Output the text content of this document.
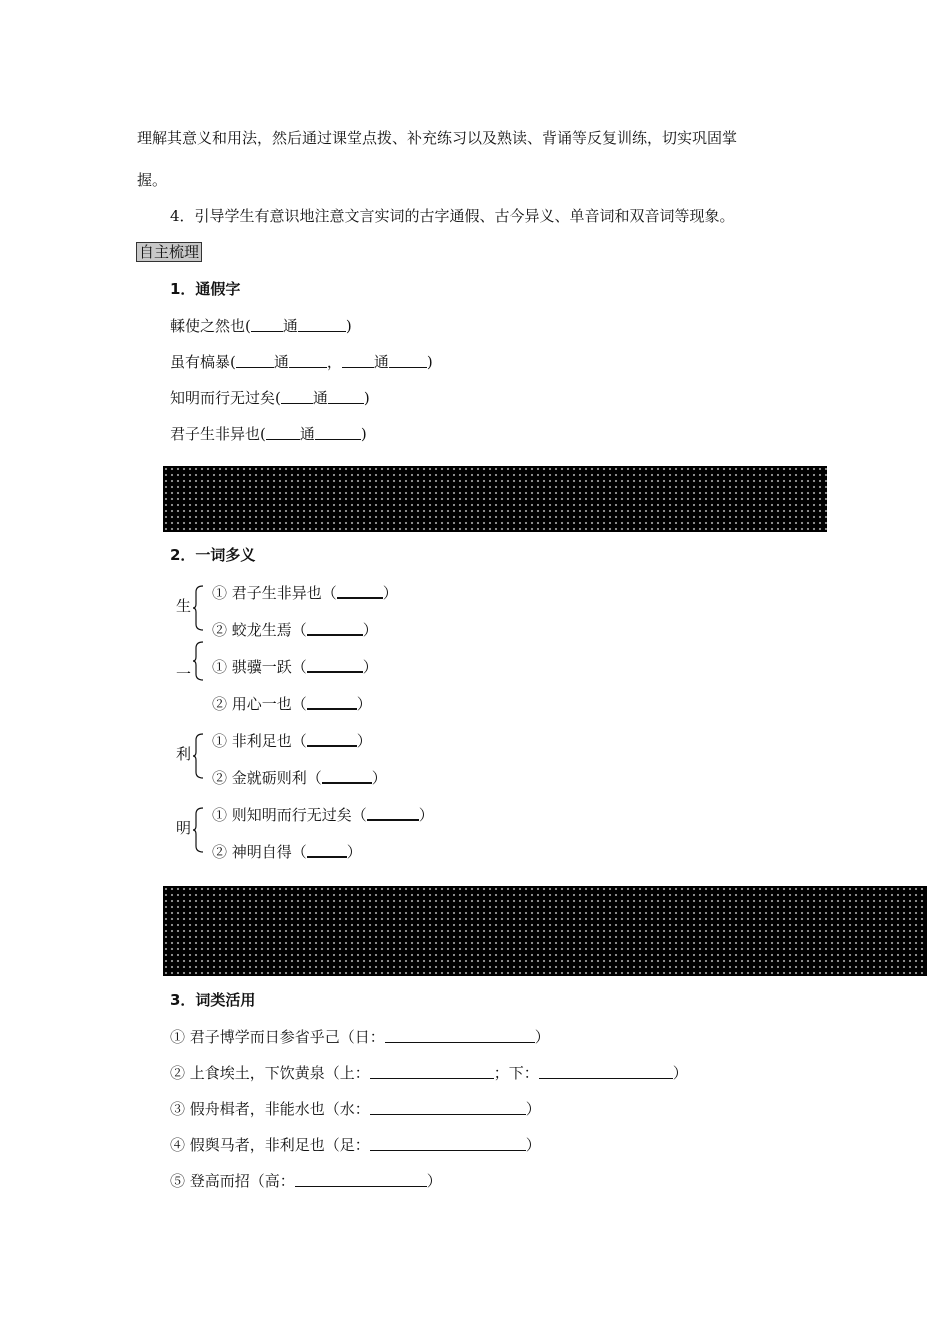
理解其意义和用法，然后通过课堂点拨、补充练习以及熟读、背诵等反复训练，切实巩固掌
握。
4．引导学生有意识地注意文言实词的古字通假、古今异义、单音词和双音词等现象。
自主梳理
1．通假字
輮使之然也( 通	)
虽有槁暴(	通	， 通	)
知明而行无过矣( 通 )
君子生非异也( 通	)
2．一词多义
生
① 君子生非异也（	）
② 蛟龙生焉（	）
一 ① 骐骥一跃（	）
② 用心一也（	）
利
① 非利足也（	）
② 金就砺则利（	）
明
① 则知明而行无过矣（	）
② 神明自得（	）
3．词类活用
① 君子博学而日参省乎己（日：	）
② 上食埃土，下饮黄泉（上：	；下：	）
③ 假舟楫者，非能水也（水：	）
④ 假舆马者，非利足也（足：	）
⑤ 登高而招（高：	）
